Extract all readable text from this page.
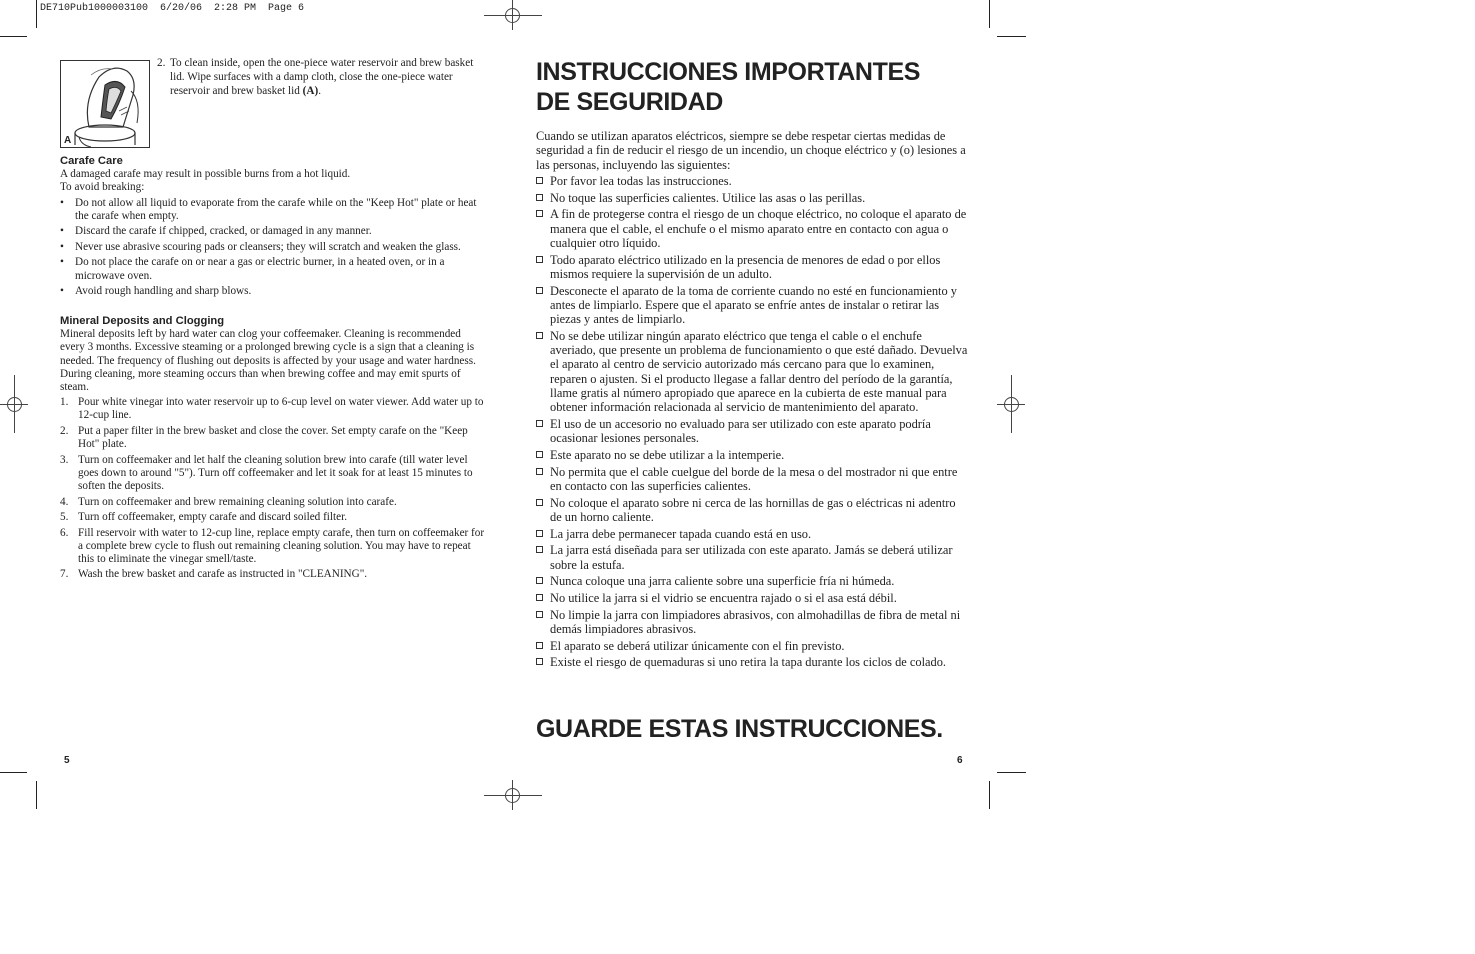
DE710Pub1000003100  6/20/06  2:28 PM  Page 6
A
2. To clean inside, open the one-piece water reservoir and brew basket lid. Wipe surfaces with a damp cloth, close the one-piece water reservoir and brew basket lid (A).
Carafe Care

A damaged carafe may result in possible burns from a hot liquid.

To avoid breaking:

• Do not allow all liquid to evaporate from the carafe while on the "Keep Hot" plate or heat the carafe when empty.
• Discard the carafe if chipped, cracked, or damaged in any manner.
• Never use abrasive scouring pads or cleansers; they will scratch and weaken the glass.
• Do not place the carafe on or near a gas or electric burner, in a heated oven, or in a microwave oven.
• Avoid rough handling and sharp blows.
Mineral Deposits and Clogging

Mineral deposits left by hard water can clog your coffeemaker. Cleaning is recommended every 3 months. Excessive steaming or a prolonged brewing cycle is a sign that a cleaning is needed. The frequency of flushing out deposits is affected by your usage and water hardness. During cleaning, more steaming occurs than when brewing coffee and may emit spurts of steam.

1. Pour white vinegar into water reservoir up to 6-cup level on water viewer. Add water up to 12-cup line.
2. Put a paper filter in the brew basket and close the cover. Set empty carafe on the "Keep Hot" plate.
3. Turn on coffeemaker and let half the cleaning solution brew into carafe (till water level goes down to around "5"). Turn off coffeemaker and let it soak for at least 15 minutes to soften the deposits.
4. Turn on coffeemaker and brew remaining cleaning solution into carafe.
5. Turn off coffeemaker, empty carafe and discard soiled filter.
6. Fill reservoir with water to 12-cup line, replace empty carafe, then turn on coffeemaker for a complete brew cycle to flush out remaining cleaning solution. You may have to repeat this to eliminate the vinegar smell/taste.
7. Wash the brew basket and carafe as instructed in "CLEANING".
5
INSTRUCCIONES IMPORTANTES
DE SEGURIDAD

Cuando se utilizan aparatos eléctricos, siempre se debe respetar ciertas medidas de seguridad a fin de reducir el riesgo de un incendio, un choque eléctrico y (o) lesiones a las personas, incluyendo las siguientes:

Por favor lea todas las instrucciones.
No toque las superficies calientes. Utilice las asas o las perillas.
A fin de protegerse contra el riesgo de un choque eléctrico, no coloque el aparato de manera que el cable, el enchufe o el mismo aparato entre en contacto con agua o cualquier otro líquido.
Todo aparato eléctrico utilizado en la presencia de menores de edad o por ellos mismos requiere la supervisión de un adulto.
Desconecte el aparato de la toma de corriente cuando no esté en funcionamiento y antes de limpiarlo. Espere que el aparato se enfríe antes de instalar o retirar las piezas y antes de limpiarlo.
No se debe utilizar ningún aparato eléctrico que tenga el cable o el enchufe averiado, que presente un problema de funcionamiento o que esté dañado. Devuelva el aparato al centro de servicio autorizado más cercano para que lo examinen, reparen o ajusten. Si el producto llegase a fallar dentro del período de la garantía, llame gratis al número apropiado que aparece en la cubierta de este manual para obtener información relacionada al servicio de mantenimiento del aparato.
El uso de un accesorio no evaluado para ser utilizado con este aparato podría ocasionar lesiones personales.
Este aparato no se debe utilizar a la intemperie.
No permita que el cable cuelgue del borde de la mesa o del mostrador ni que entre en contacto con las superficies calientes.
No coloque el aparato sobre ni cerca de las hornillas de gas o eléctricas ni adentro de un horno caliente.
La jarra debe permanecer tapada cuando está en uso.
La jarra está diseñada para ser utilizada con este aparato. Jamás se deberá utilizar sobre la estufa.
Nunca coloque una jarra caliente sobre una superficie fría ni húmeda.
No utilice la jarra si el vidrio se encuentra rajado o si el asa está débil.
No limpie la jarra con limpiadores abrasivos, con almohadillas de fibra de metal ni demás limpiadores abrasivos.
El aparato se deberá utilizar únicamente con el fin previsto.
Existe el riesgo de quemaduras si uno retira la tapa durante los ciclos de colado.
GUARDE ESTAS INSTRUCCIONES.
6
